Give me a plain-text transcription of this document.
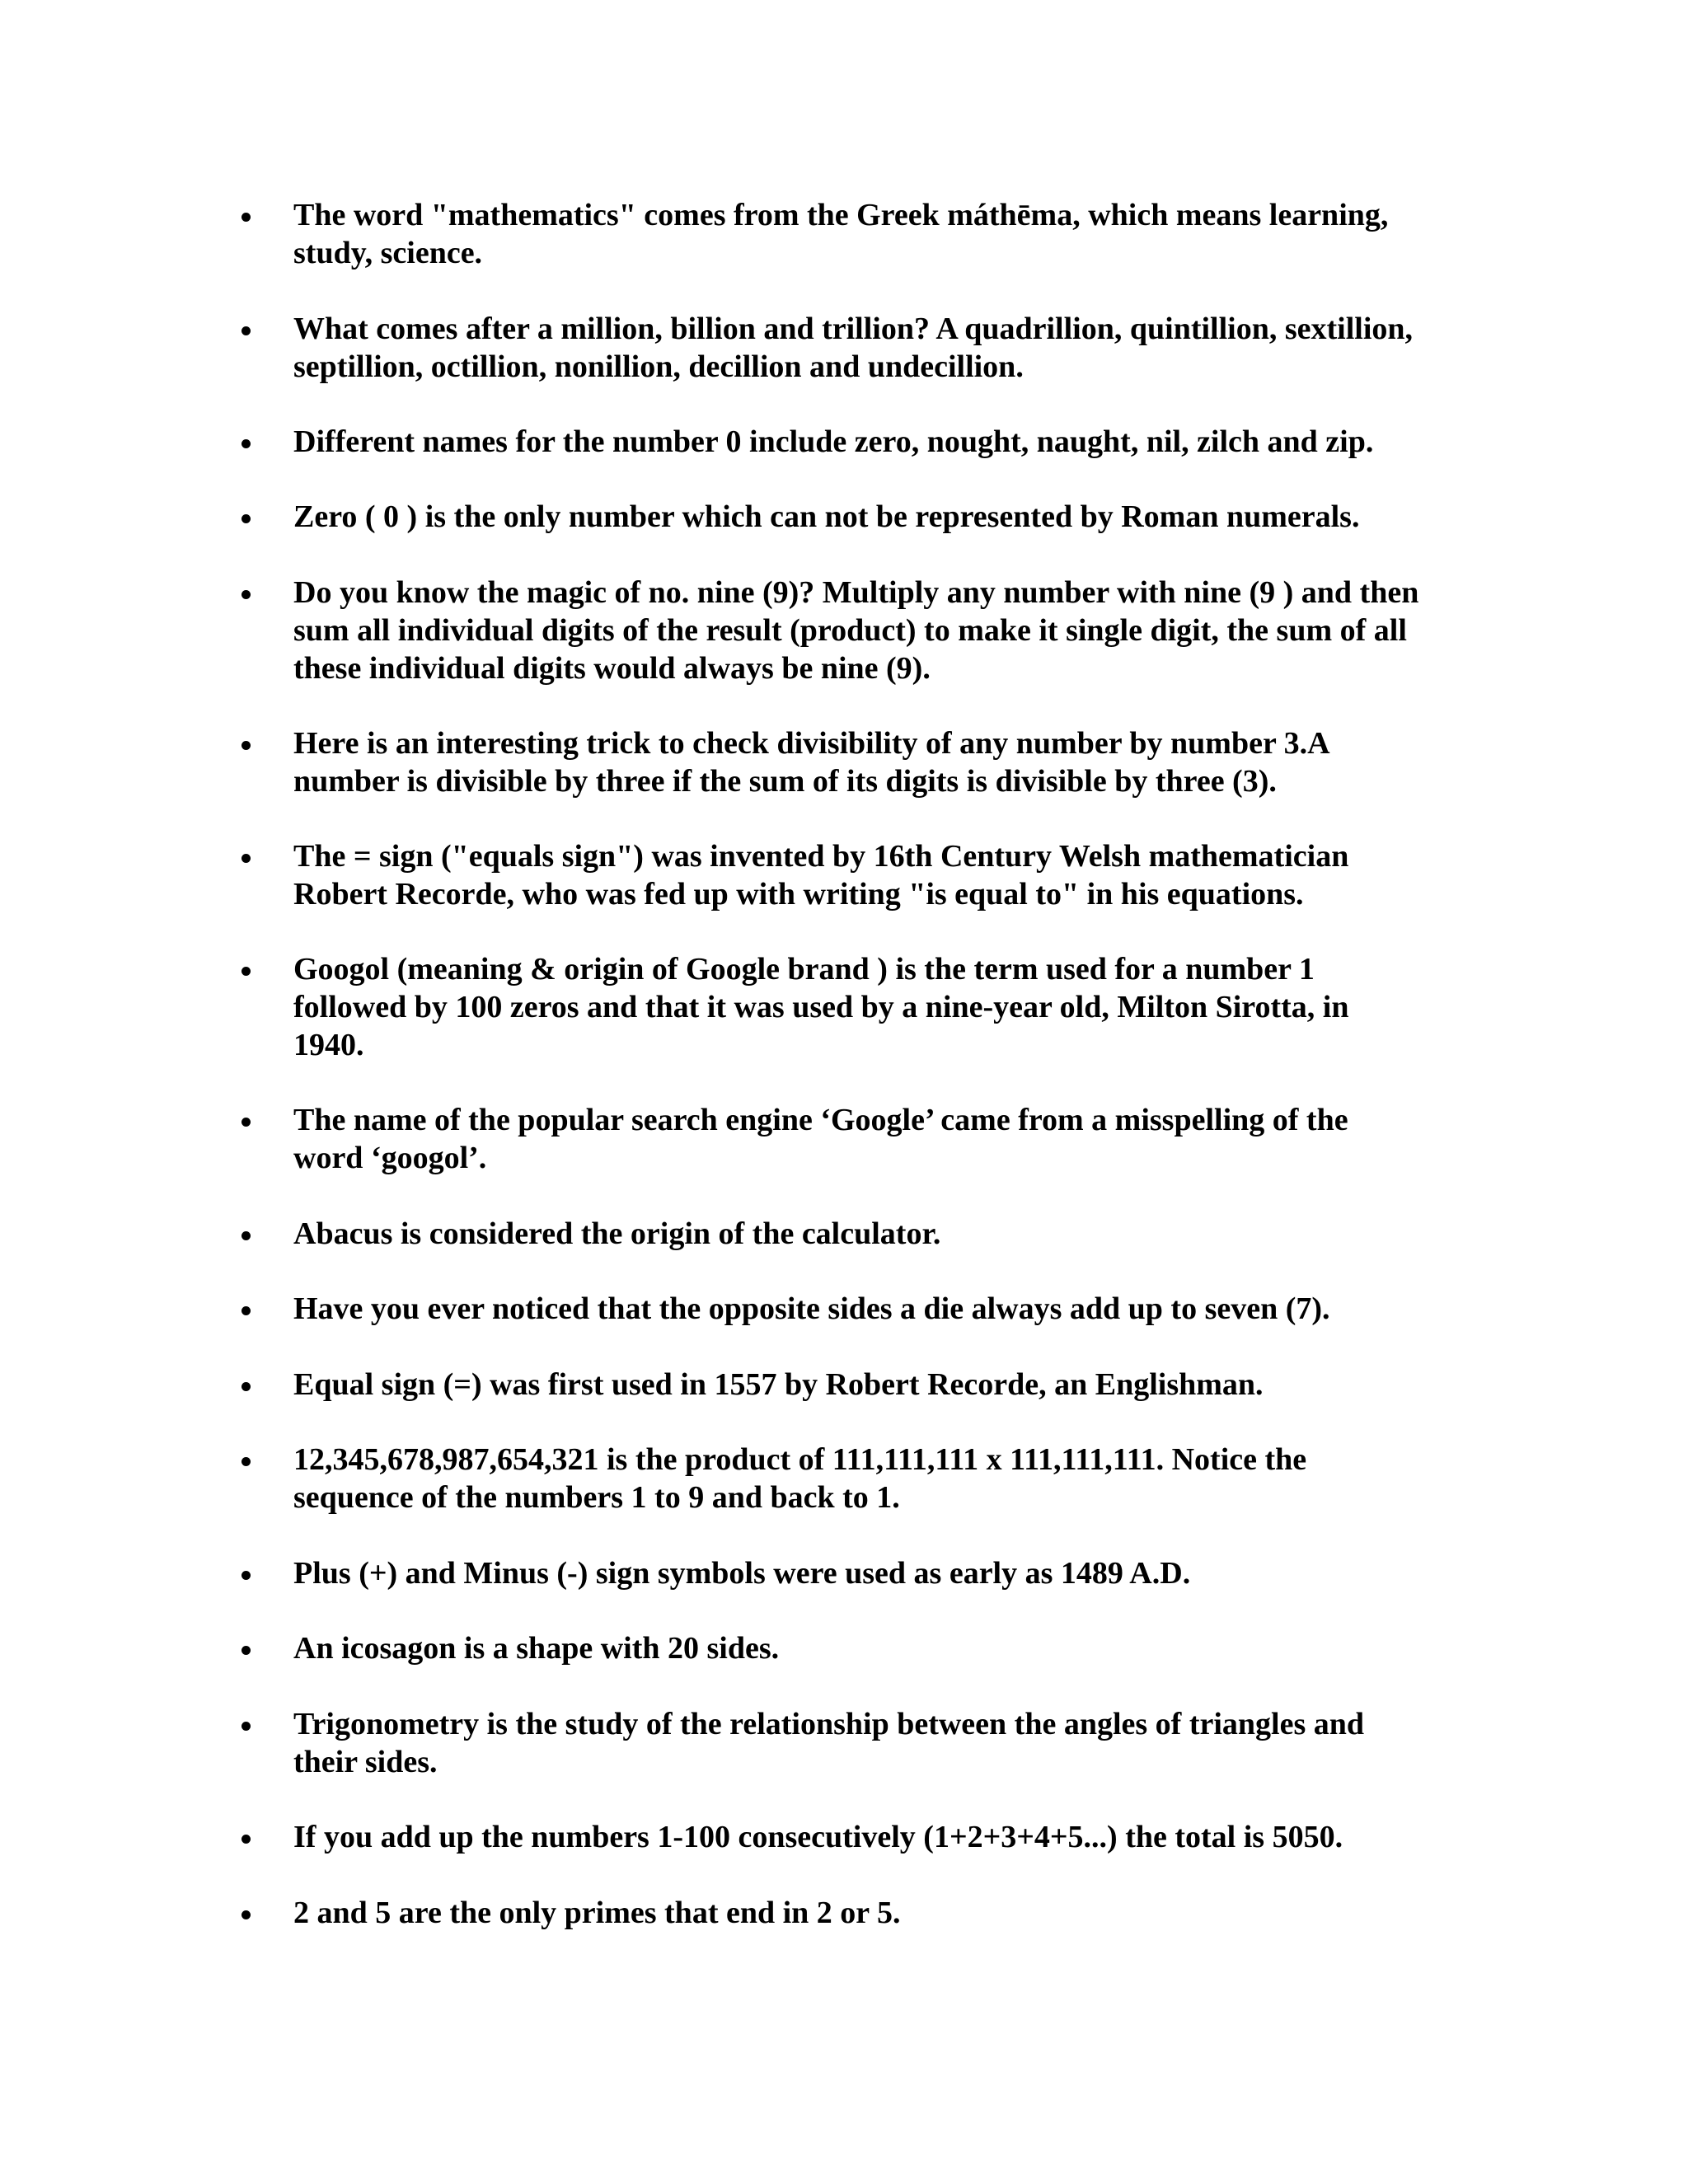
The word "mathematics" comes from the Greek máthēma, which means learning,
study, science.

What comes after a million, billion and trillion? A quadrillion, quintillion, sextillion,
septillion, octillion, nonillion, decillion and undecillion.

Different names for the number 0 include zero, nought, naught, nil, zilch and zip.

Zero ( 0 ) is the only number which can not be represented by Roman numerals.

Do you know the magic of no. nine (9)? Multiply any number with nine (9 ) and then
sum all individual digits of the result (product) to make it single digit, the sum of all
these individual digits would always be nine (9).

Here is an interesting trick to check divisibility of any number by number 3.A
number is divisible by three if the sum of its digits is divisible by three (3).

The = sign ("equals sign") was invented by 16th Century Welsh mathematician
Robert Recorde, who was fed up with writing "is equal to" in his equations.

Googol (meaning & origin of Google brand ) is the term used for a number 1
followed by 100 zeros and that it was used by a nine-year old, Milton Sirotta, in
1940.

The name of the popular search engine ‘Google’ came from a misspelling of the
word ‘googol’.

Abacus is considered the origin of the calculator.

Have you ever noticed that the opposite sides a die always add up to seven (7).

Equal sign (=) was first used in 1557 by Robert Recorde, an Englishman.

12,345,678,987,654,321 is the product of 111,111,111 x 111,111,111. Notice the
sequence of the numbers 1 to 9 and back to 1.

Plus (+) and Minus (-) sign symbols were used as early as 1489 A.D.

An icosagon is a shape with 20 sides.

Trigonometry is the study of the relationship between the angles of triangles and
their sides.

If you add up the numbers 1-100 consecutively (1+2+3+4+5...) the total is 5050.

2 and 5 are the only primes that end in 2 or 5.
